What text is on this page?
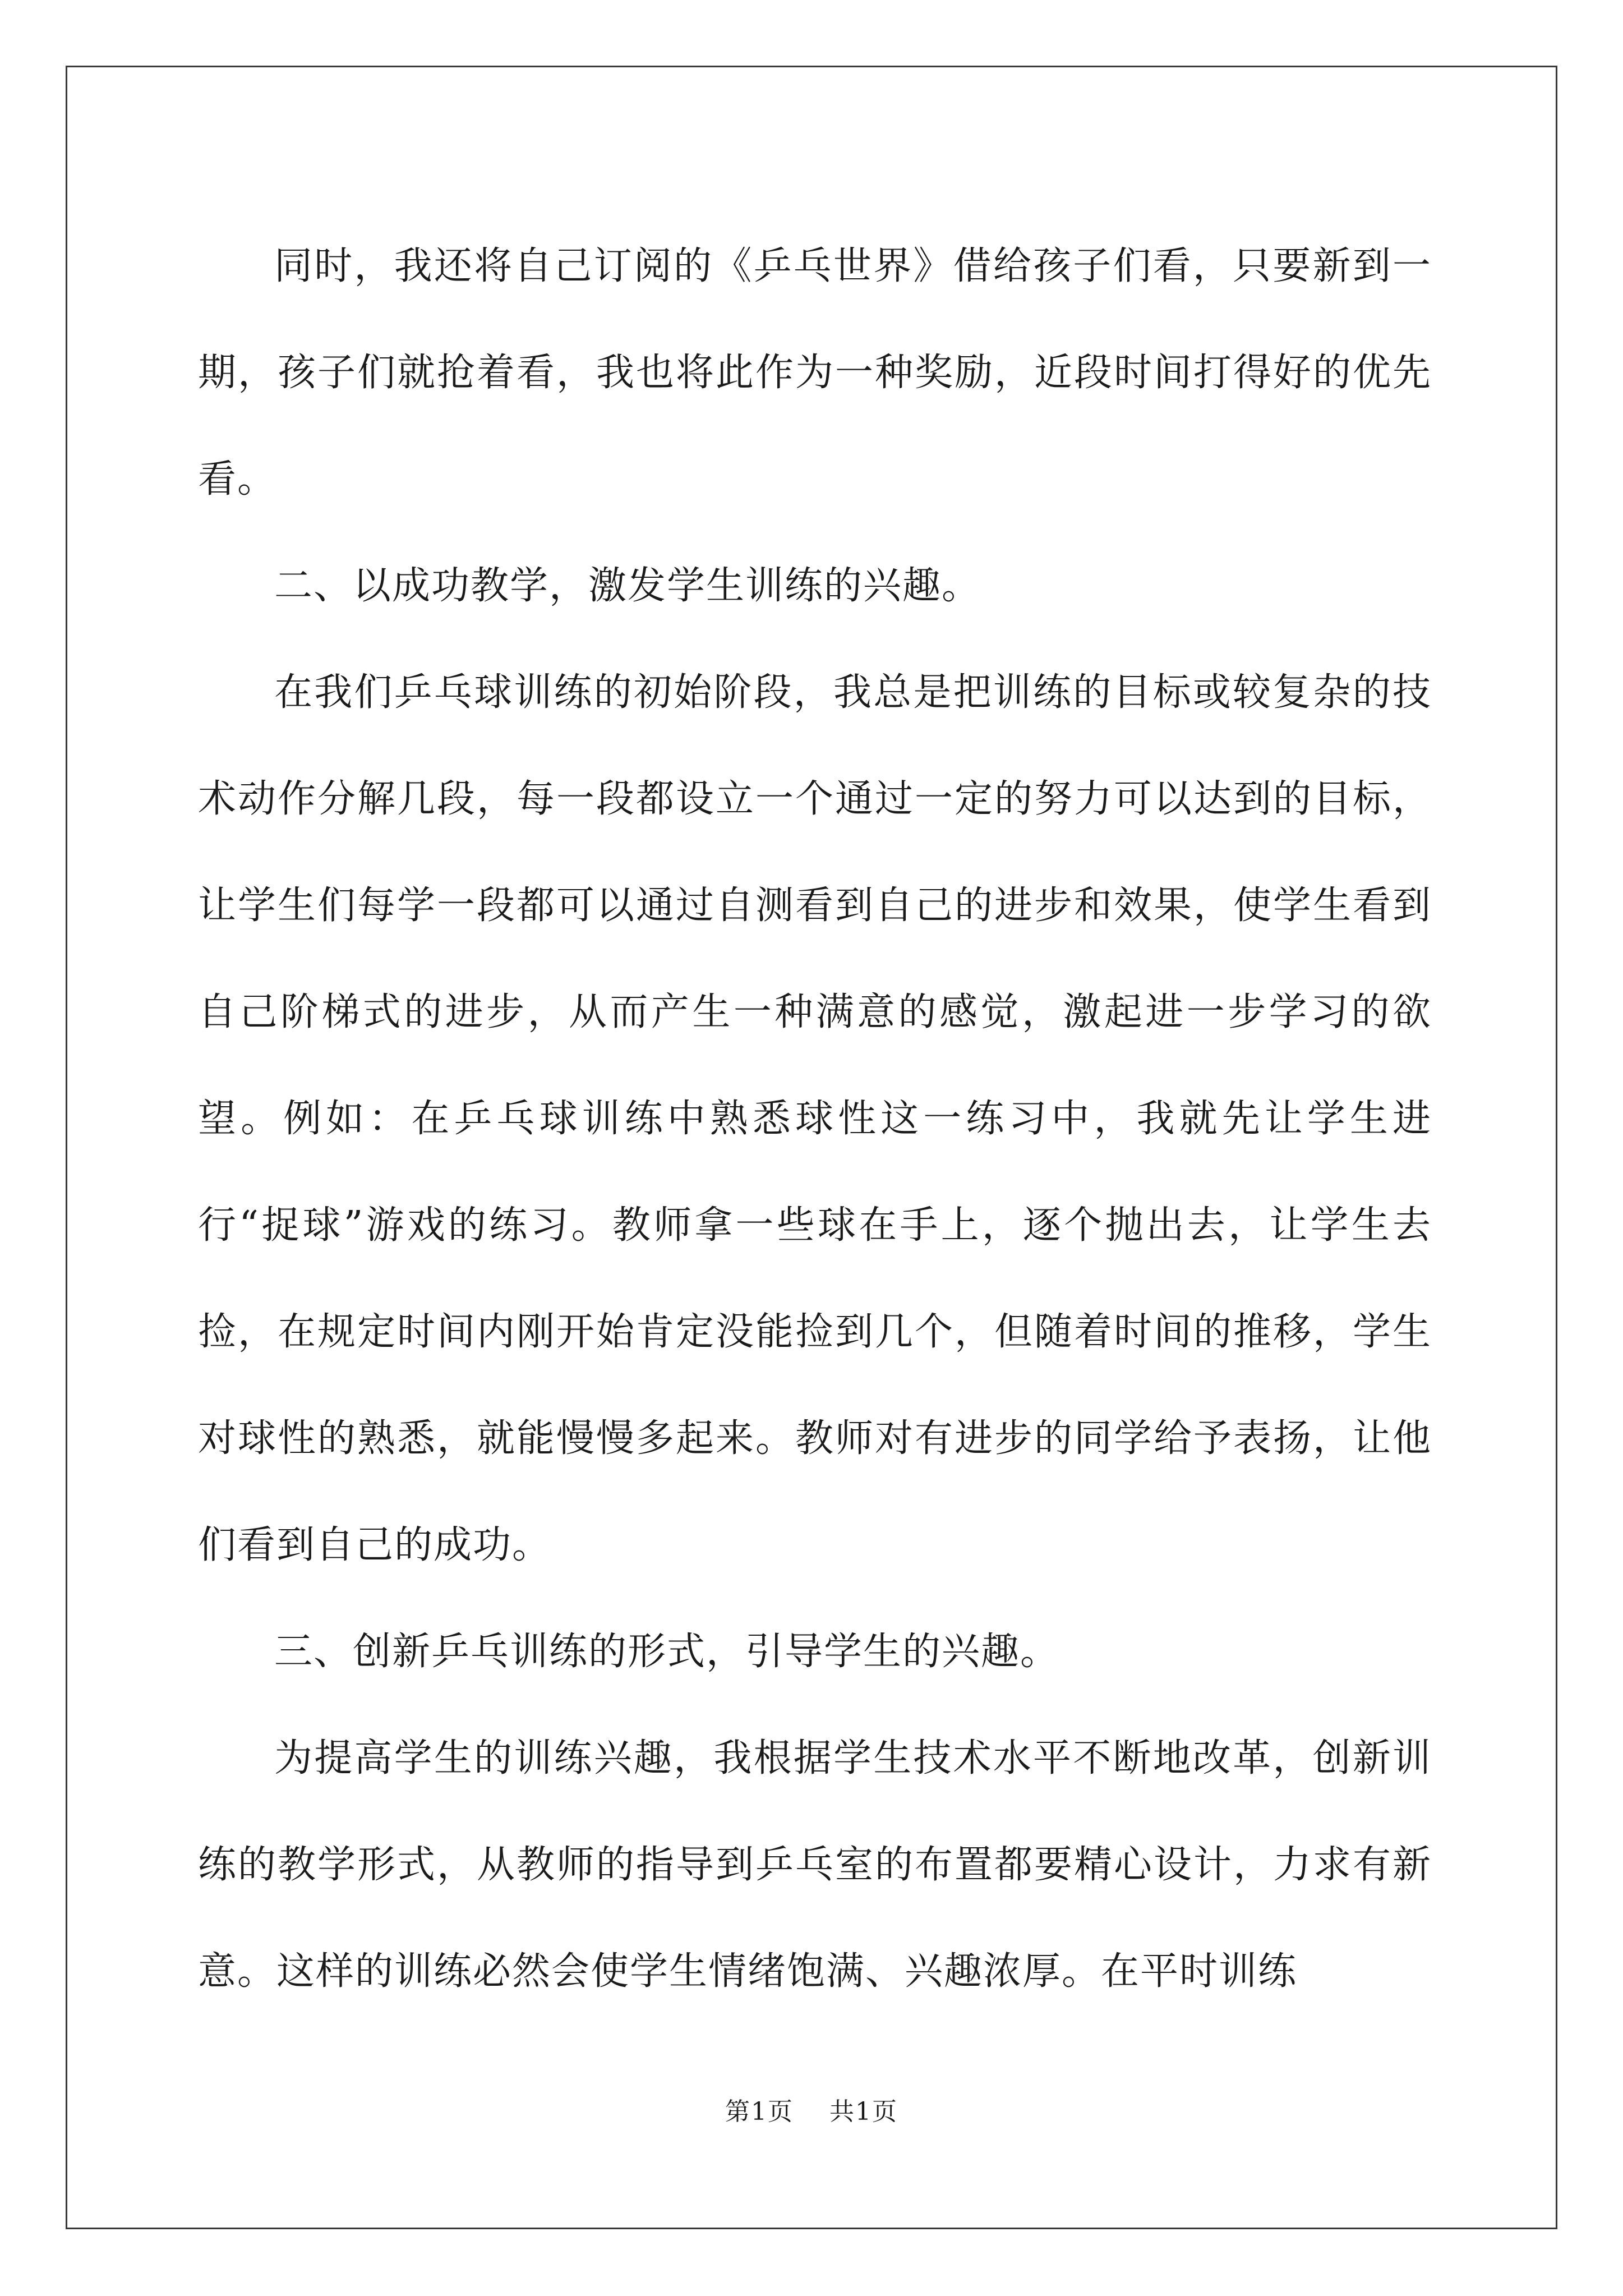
同时，我还将自己订阅的《乒乓世界》借给孩子们看，只要新到一期，孩子们就抢着看，我也将此作为一种奖励，近段时间打得好的优先看。

二、以成功教学，激发学生训练的兴趣。

在我们乒乓球训练的初始阶段，我总是把训练的目标或较复杂的技术动作分解几段，每一段都设立一个通过一定的努力可以达到的目标，让学生们每学一段都可以通过自测看到自己的进步和效果，使学生看到自己阶梯式的进步，从而产生一种满意的感觉，激起进一步学习的欲望。例如：在乒乓球训练中熟悉球性这一练习中，我就先让学生进行“捉球”游戏的练习。教师拿一些球在手上，逐个抛出去，让学生去捡，在规定时间内刚开始肯定没能捡到几个，但随着时间的推移，学生对球性的熟悉，就能慢慢多起来。教师对有进步的同学给予表扬，让他们看到自己的成功。

三、创新乒乓训练的形式，引导学生的兴趣。

为提高学生的训练兴趣，我根据学生技术水平不断地改革，创新训练的教学形式，从教师的指导到乒乓室的布置都要精心设计，力求有新意。这样的训练必然会使学生情绪饱满、兴趣浓厚。在平时训练

第1页    共1页
